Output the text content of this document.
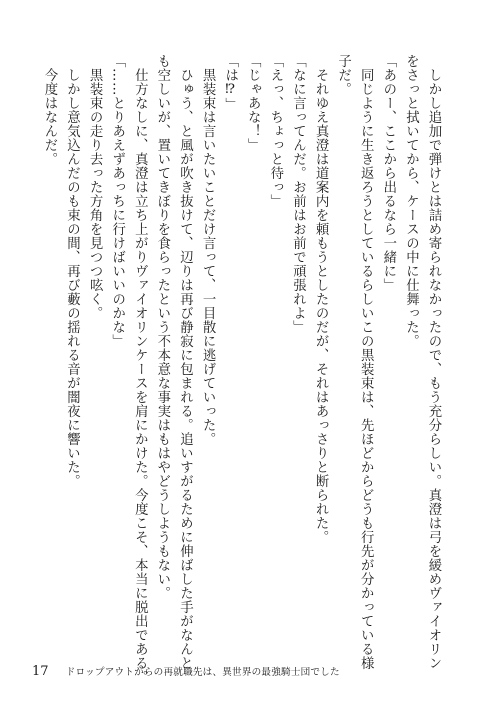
　しかし追加で弾けとは詰め寄られなかったので、もう充分らしい。真澄は弓を緩めヴァイオリン
をさっと拭いてから、ケースの中に仕舞った。
「あのー、ここから出るなら一緒に」
　同じように生き返ろうとしているらしいこの黒装束は、先ほどからどうも行先が分かっている様
子だ。
　それゆえ真澄は道案内を頼もうとしたのだが、それはあっさりと断られた。
「なに言ってんだ。お前はお前で頑張れよ」
「えっ、ちょっと待っ」
「じゃあな！」
「は⁉」
　黒装束は言いたいことだけ言って、一目散に逃げていった。
　ひゅう、と風が吹き抜けて、辺りは再び静寂に包まれる。追いすがるために伸ばした手がなんと
も空しいが、置いてきぼりを食らったという不本意な事実はもはやどうしようもない。
　仕方なしに、真澄は立ち上がりヴァイオリンケースを肩にかけた。今度こそ、本当に脱出である。
「……とりあえずあっちに行けばいいのかな」
　黒装束の走り去った方角を見つつ呟く。
　しかし意気込んだのも束の間、再び藪の揺れる音が闇夜に響いた。
　今度はなんだ。
17 ドロップアウトからの再就職先は、異世界の最強騎士団でした
